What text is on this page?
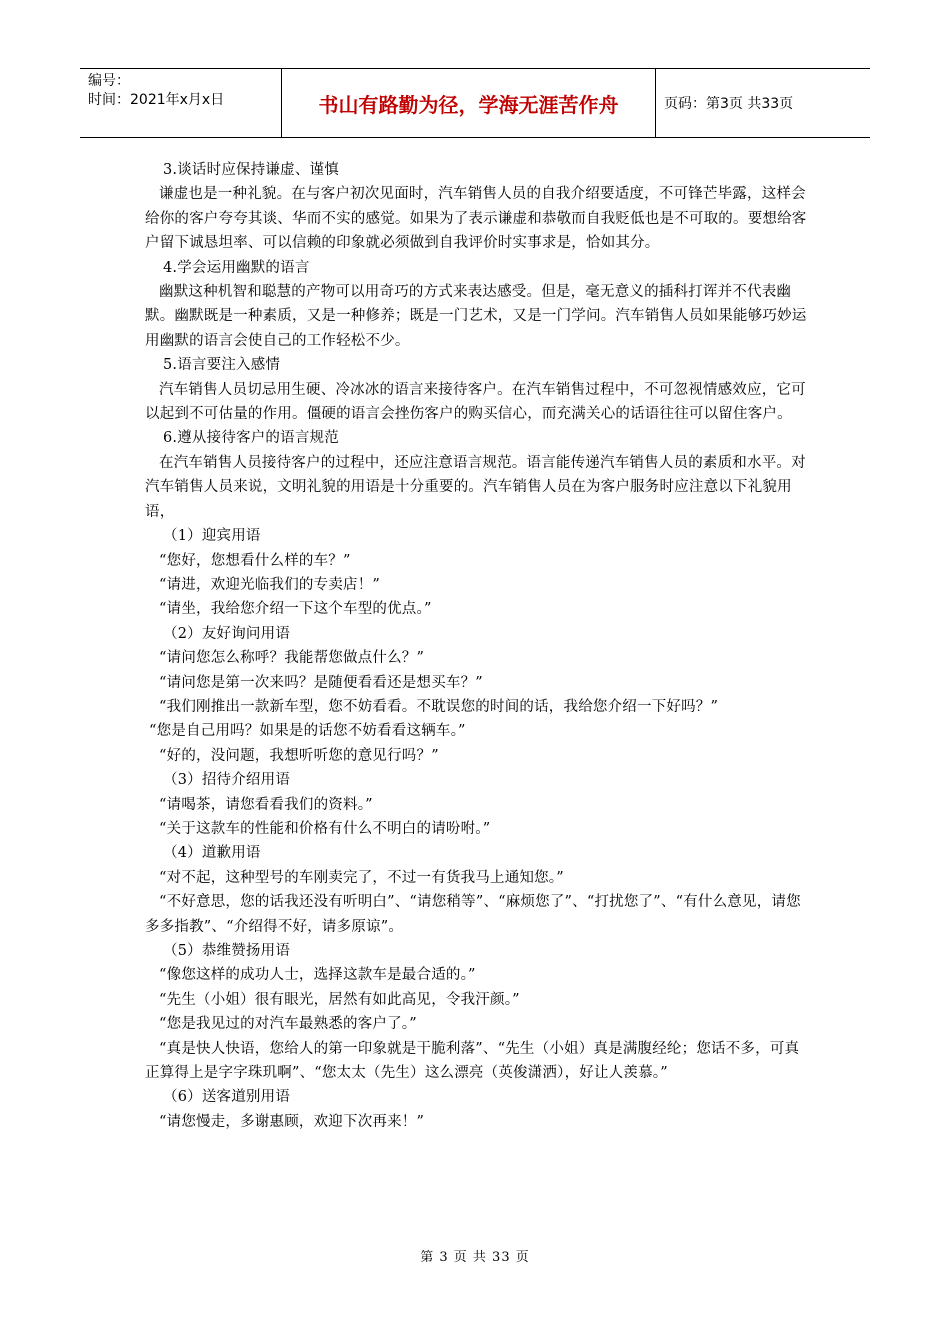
编号：
时间：2021年x月x日	书山有路勤为径，学海无涯苦作舟	页码：第3页 共33页

3.谈话时应保持谦虚、谨慎

谦虚也是一种礼貌。在与客户初次见面时，汽车销售人员的自我介绍要适度，不可锋芒毕露，这样会给你的客户夸夸其谈、华而不实的感觉。如果为了表示谦虚和恭敬而自我贬低也是不可取的。要想给客户留下诚恳坦率、可以信赖的印象就必须做到自我评价时实事求是，恰如其分。

4.学会运用幽默的语言

幽默这种机智和聪慧的产物可以用奇巧的方式来表达感受。但是，毫无意义的插科打诨并不代表幽默。幽默既是一种素质，又是一种修养；既是一门艺术，又是一门学问。汽车销售人员如果能够巧妙运用幽默的语言会使自己的工作轻松不少。

5.语言要注入感情

汽车销售人员切忌用生硬、冷冰冰的语言来接待客户。在汽车销售过程中，不可忽视情感效应，它可以起到不可估量的作用。僵硬的语言会挫伤客户的购买信心，而充满关心的话语往往可以留住客户。

6.遵从接待客户的语言规范

在汽车销售人员接待客户的过程中，还应注意语言规范。语言能传递汽车销售人员的素质和水平。对汽车销售人员来说，文明礼貌的用语是十分重要的。汽车销售人员在为客户服务时应注意以下礼貌用语，

（1）迎宾用语

“您好，您想看什么样的车？”

“请进，欢迎光临我们的专卖店！”

“请坐，我给您介绍一下这个车型的优点。”

（2）友好询问用语

“请问您怎么称呼？我能帮您做点什么？”

“请问您是第一次来吗？是随便看看还是想买车？”

“我们刚推出一款新车型，您不妨看看。不耽误您的时间的话，我给您介绍一下好吗？”

“您是自己用吗？如果是的话您不妨看看这辆车。”

“好的，没问题，我想听听您的意见行吗？”

（3）招待介绍用语

“请喝茶，请您看看我们的资料。”

“关于这款车的性能和价格有什么不明白的请吩咐。”

（4）道歉用语

“对不起，这种型号的车刚卖完了，不过一有货我马上通知您。”

“不好意思，您的话我还没有听明白”、“请您稍等”、“麻烦您了”、“打扰您了”、“有什么意见，请您多多指教”、“介绍得不好，请多原谅”。

（5）恭维赞扬用语

“像您这样的成功人士，选择这款车是最合适的。”

“先生（小姐）很有眼光，居然有如此高见，令我汗颜。”

“您是我见过的对汽车最熟悉的客户了。”

“真是快人快语，您给人的第一印象就是干脆利落”、“先生（小姐）真是满腹经纶；您话不多，可真正算得上是字字珠玑啊”、“您太太（先生）这么漂亮（英俊潇洒），好让人羡慕。”

（6）送客道别用语

“请您慢走，多谢惠顾，欢迎下次再来！”

第 3 页 共 33 页
